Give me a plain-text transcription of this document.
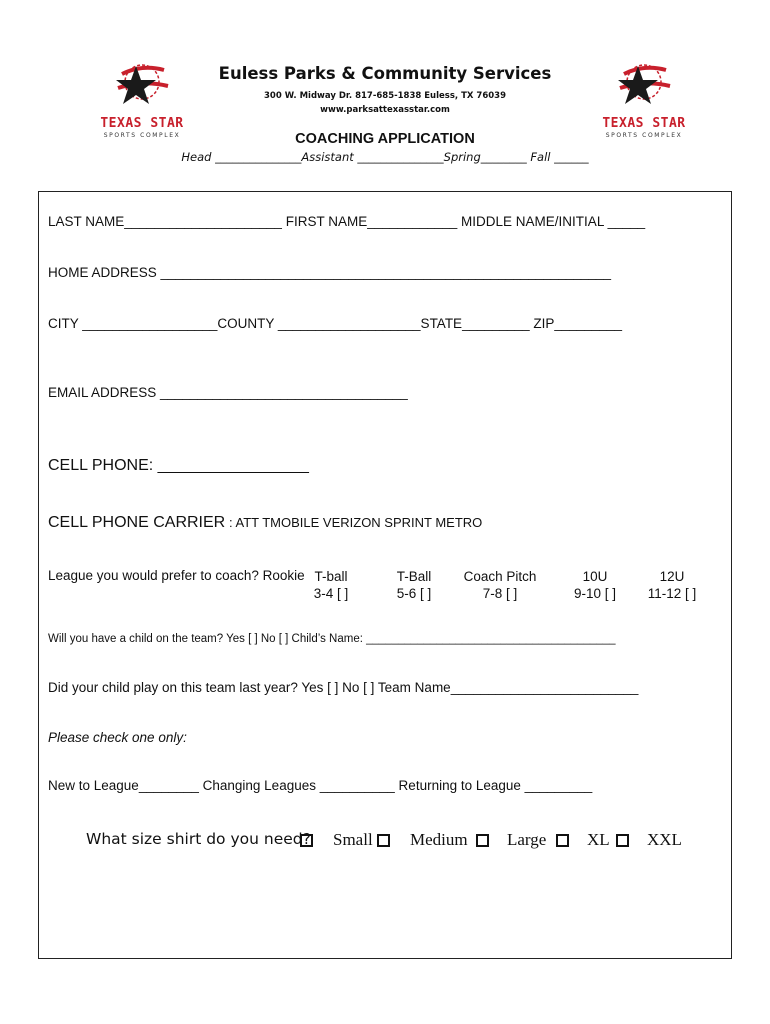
TEXAS STAR
SPORTS COMPLEX
TEXAS STAR
SPORTS COMPLEX
Euless Parks & Community Services
300 W. Midway Dr. 817-685-1838 Euless, TX 76039
www.parksattexasstar.com
COACHING APPLICATION
Head _______________Assistant _______________Spring________ Fall ______
LAST NAME_____________________ FIRST NAME____________ MIDDLE NAME/INITIAL _____
HOME ADDRESS ____________________________________________________________
CITY __________________COUNTY ___________________STATE_________ ZIP_________
EMAIL ADDRESS _________________________________
CELL PHONE: _________________
CELL PHONE CARRIER : ATT TMOBILE VERIZON SPRINT METRO
League you would prefer to coach? Rookie T-ball
3-4 [ ]
T-Ball
5-6 [ ]
Coach Pitch
7-8 [ ]
10U
9-10 [ ]
12U
11-12 [ ]
Will you have a child on the team? Yes [ ] No [ ] Child’s Name: _______________________________________
Did your child play on this team last year? Yes [ ] No [ ] Team Name_________________________
Please check one only:
New to League________ Changing Leagues __________ Returning to League _________
What size shirt do you need? Small Medium Large XL XXL
